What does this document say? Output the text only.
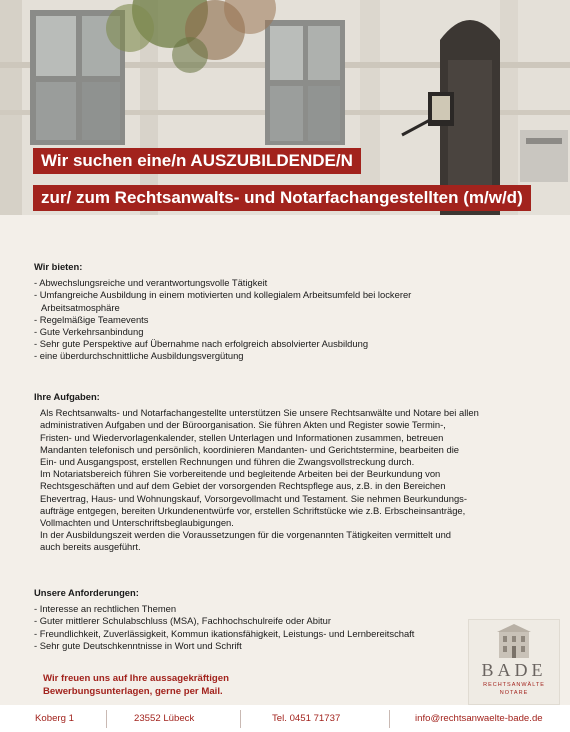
Wir suchen eine/n AUSZUBILDENDE/N
zur/ zum Rechtsanwalts- und Notarfachangestellten (m/w/d)
Wir bieten:
- Abwechslungsreiche und verantwortungsvolle Tätigkeit
- Umfangreiche Ausbildung in einem motivierten und kollegialem Arbeitsumfeld bei lockerer
Arbeitsatmosphäre
- Regelmäßige Teamevents
- Gute Verkehrsanbindung
- Sehr gute Perspektive auf Übernahme nach erfolgreich absolvierter Ausbildung
- eine überdurchschnittliche Ausbildungsvergütung
Ihre Aufgaben:

Als Rechtsanwalts- und Notarfachangestellte unterstützen Sie unsere Rechtsanwälte und Notare bei allen

administrativen Aufgaben und der Büroorganisation. Sie führen Akten und Register sowie Termin-,

Fristen- und Wiedervorlagenkalender, stellen Unterlagen und Informationen zusammen, betreuen

Mandanten telefonisch und persönlich, koordinieren Mandanten- und Gerichtstermine, bearbeiten die

Ein- und Ausgangspost, erstellen Rechnungen und führen die Zwangsvollstreckung durch.

Im Notariatsbereich führen Sie vorbereitende und begleitende Arbeiten bei der Beurkundung von

Rechtsgeschäften und auf dem Gebiet der vorsorgenden Rechtspflege aus, z.B. in den Bereichen

Ehevertrag, Haus- und Wohnungskauf, Vorsorgevollmacht und Testament. Sie nehmen Beurkundungs-

aufträge entgegen, bereiten Urkundenentwürfe vor, erstellen Schriftstücke wie z.B. Erbscheinsanträge,

Vollmachten und Unterschriftsbeglaubigungen.

In der Ausbildungszeit werden die Voraussetzungen für die vorgenannten Tätigkeiten vermittelt und

auch bereits ausgeführt.

Unsere Anforderungen:
- Interesse an rechtlichen Themen
- Guter mittlerer Schulabschluss (MSA), Fachhochschulreife oder Abitur
- Freundlichkeit, Zuverlässigkeit, Kommun ikationsfähigkeit, Leistungs- und Lernbereitschaft
- Sehr gute Deutschkenntnisse in Wort und Schrift
Wir freuen uns auf Ihre aussagekräftigen
Bewerbungsunterlagen, gerne per Mail.
BADE
RECHTSANWÄLTE
NOTARE
Koberg 1	23552 Lübeck	Tel. 0451 71737	info@rechtsanwaelte-bade.de
